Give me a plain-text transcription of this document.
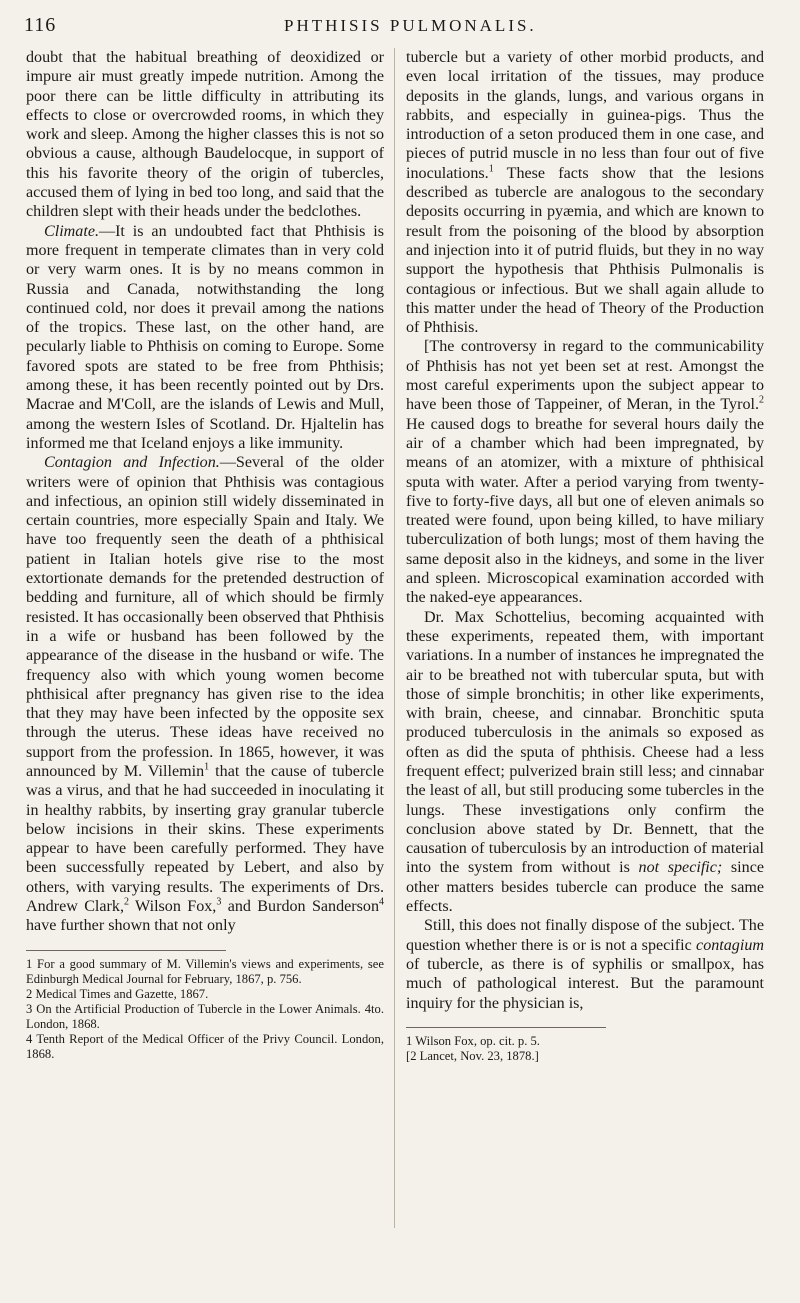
116	PHTHISIS PULMONALIS.

doubt that the habitual breathing of deoxidized or impure air must greatly impede nutrition. Among the poor there can be little difficulty in attributing its effects to close or overcrowded rooms, in which they work and sleep. Among the higher classes this is not so obvious a cause, although Baudelocque, in support of this his favorite theory of the origin of tubercles, accused them of lying in bed too long, and said that the children slept with their heads under the bedclothes.

Climate.—It is an undoubted fact that Phthisis is more frequent in temperate climates than in very cold or very warm ones. It is by no means common in Russia and Canada, notwithstanding the long continued cold, nor does it prevail among the nations of the tropics. These last, on the other hand, are pecularly liable to Phthisis on coming to Europe. Some favored spots are stated to be free from Phthisis; among these, it has been recently pointed out by Drs. Macrae and M'Coll, are the islands of Lewis and Mull, among the western Isles of Scotland. Dr. Hjaltelin has informed me that Iceland enjoys a like immunity.

Contagion and Infection.—Several of the older writers were of opinion that Phthisis was contagious and infectious, an opinion still widely disseminated in certain countries, more especially Spain and Italy. We have too frequently seen the death of a phthisical patient in Italian hotels give rise to the most extortionate demands for the pretended destruction of bedding and furniture, all of which should be firmly resisted. It has occasionally been observed that Phthisis in a wife or husband has been followed by the appearance of the disease in the husband or wife. The frequency also with which young women become phthisical after pregnancy has given rise to the idea that they may have been infected by the opposite sex through the uterus. These ideas have received no support from the profession. In 1865, however, it was announced by M. Villemin$^1$ that the cause of tubercle was a virus, and that he had succeeded in inoculating it in healthy rabbits, by inserting gray granular tubercle below incisions in their skins. These experiments appear to have been carefully performed. They have been successfully repeated by Lebert, and also by others, with varying results. The experiments of Drs. Andrew Clark,$^2$ Wilson Fox,$^3$ and Burdon Sanderson$^4$ have further shown that not only

1 For a good summary of M. Villemin's views and experiments, see Edinburgh Medical Journal for February, 1867, p. 756.

2 Medical Times and Gazette, 1867.

3 On the Artificial Production of Tubercle in the Lower Animals. 4to. London, 1868.

4 Tenth Report of the Medical Officer of the Privy Council. London, 1868.

tubercle but a variety of other morbid products, and even local irritation of the tissues, may produce deposits in the glands, lungs, and various organs in rabbits, and especially in guinea-pigs. Thus the introduction of a seton produced them in one case, and pieces of putrid muscle in no less than four out of five inoculations.$^1$ These facts show that the lesions described as tubercle are analogous to the secondary deposits occurring in pyæmia, and which are known to result from the poisoning of the blood by absorption and injection into it of putrid fluids, but they in no way support the hypothesis that Phthisis Pulmonalis is contagious or infectious. But we shall again allude to this matter under the head of Theory of the Production of Phthisis.

[The controversy in regard to the communicability of Phthisis has not yet been set at rest. Amongst the most careful experiments upon the subject appear to have been those of Tappeiner, of Meran, in the Tyrol.$^2$ He caused dogs to breathe for several hours daily the air of a chamber which had been impregnated, by means of an atomizer, with a mixture of phthisical sputa with water. After a period varying from twenty-five to forty-five days, all but one of eleven animals so treated were found, upon being killed, to have miliary tuberculization of both lungs; most of them having the same deposit also in the kidneys, and some in the liver and spleen. Microscopical examination accorded with the naked-eye appearances.

Dr. Max Schottelius, becoming acquainted with these experiments, repeated them, with important variations. In a number of instances he impregnated the air to be breathed not with tubercular sputa, but with those of simple bronchitis; in other like experiments, with brain, cheese, and cinnabar. Bronchitic sputa produced tuberculosis in the animals so exposed as often as did the sputa of phthisis. Cheese had a less frequent effect; pulverized brain still less; and cinnabar the least of all, but still producing some tubercles in the lungs. These investigations only confirm the conclusion above stated by Dr. Bennett, that the causation of tuberculosis by an introduction of material into the system from without is not specific; since other matters besides tubercle can produce the same effects.

Still, this does not finally dispose of the subject. The question whether there is or is not a specific contagium of tubercle, as there is of syphilis or smallpox, has much of pathological interest. But the paramount inquiry for the physician is,

1 Wilson Fox, op. cit. p. 5.

[2 Lancet, Nov. 23, 1878.]
